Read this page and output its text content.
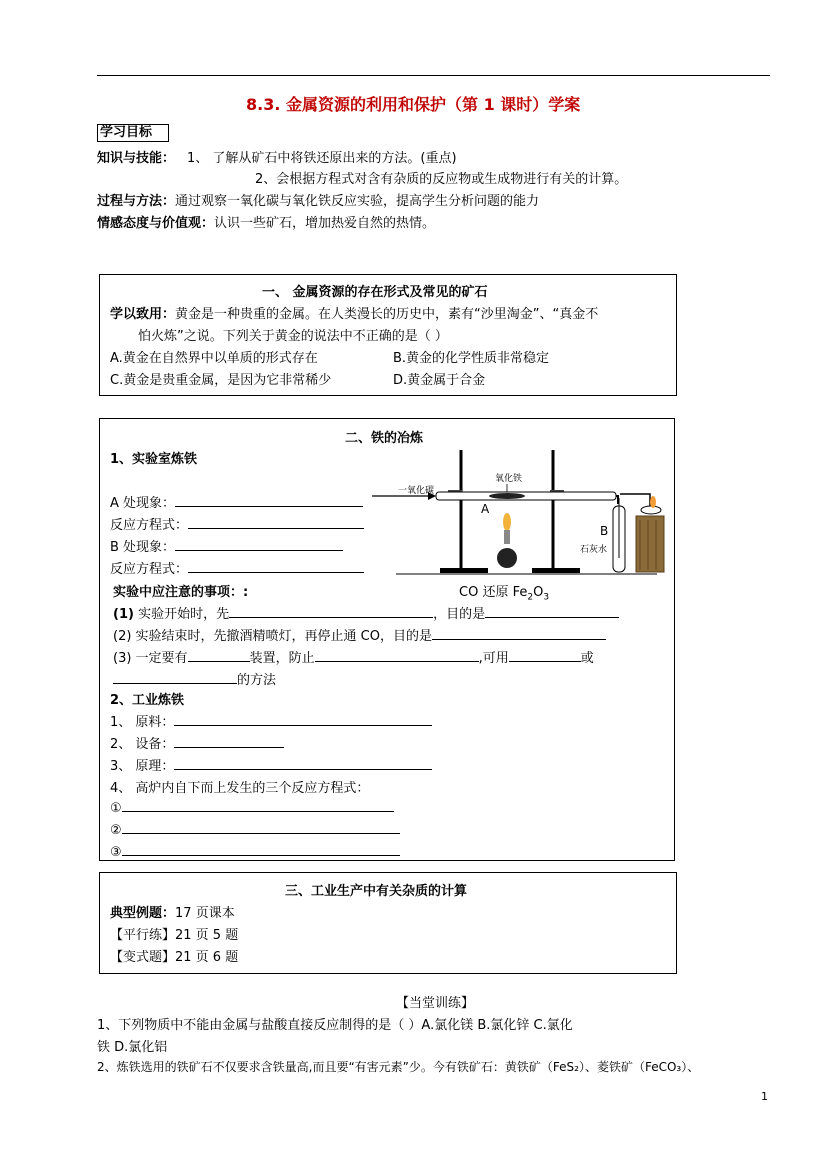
8.3. 金属资源的利用和保护（第 1 课时）学案
学习目标
知识与技能： 1、 了解从矿石中将铁还原出来的方法。(重点)
2、会根据方程式对含有杂质的反应物或生成物进行有关的计算。
过程与方法：通过观察一氧化碳与氧化铁反应实验，提高学生分析问题的能力
情感态度与价值观：认识一些矿石，增加热爱自然的热情。
一、 金属资源的存在形式及常见的矿石
学以致用：黄金是一种贵重的金属。在人类漫长的历史中，素有“沙里淘金”、“真金不
怕火炼”之说。下列关于黄金的说法中不正确的是（ ）
A.黄金在自然界中以单质的形式存在	B.黄金的化学性质非常稳定
C.黄金是贵重金属，是因为它非常稀少	D.黄金属于合金
二、铁的冶炼
1、实验室炼铁
A 处现象：
反应方程式：
B 处现象：
反应方程式：
一氧化碳
氧化铁
石灰水
B
A
CO 还原 $Fe_2O_3$
实验中应注意的事项：:
(1) 实验开始时，先	，目的是
(2) 实验结束时，先撤酒精喷灯，再停止通 CO，目的是
(3) 一定要有	装置，防止	,可用	或
的方法
2、工业炼铁
1、 原料：
2、 设备：
3、 原理：
4、 高炉内自下而上发生的三个反应方程式：
①
②
③
三、工业生产中有关杂质的计算
典型例题：17 页课本
【平行练】21 页 5 题
【变式题】21 页 6 题
【当堂训练】
1、下列物质中不能由金属与盐酸直接反应制得的是（ ）A.氯化镁 B.氯化锌 C.氯化
铁 D.氯化铝
2、炼铁选用的铁矿石不仅要求含铁量高,而且要“有害元素”少。今有铁矿石：黄铁矿（FeS₂）、菱铁矿（FeCO₃）、
1
